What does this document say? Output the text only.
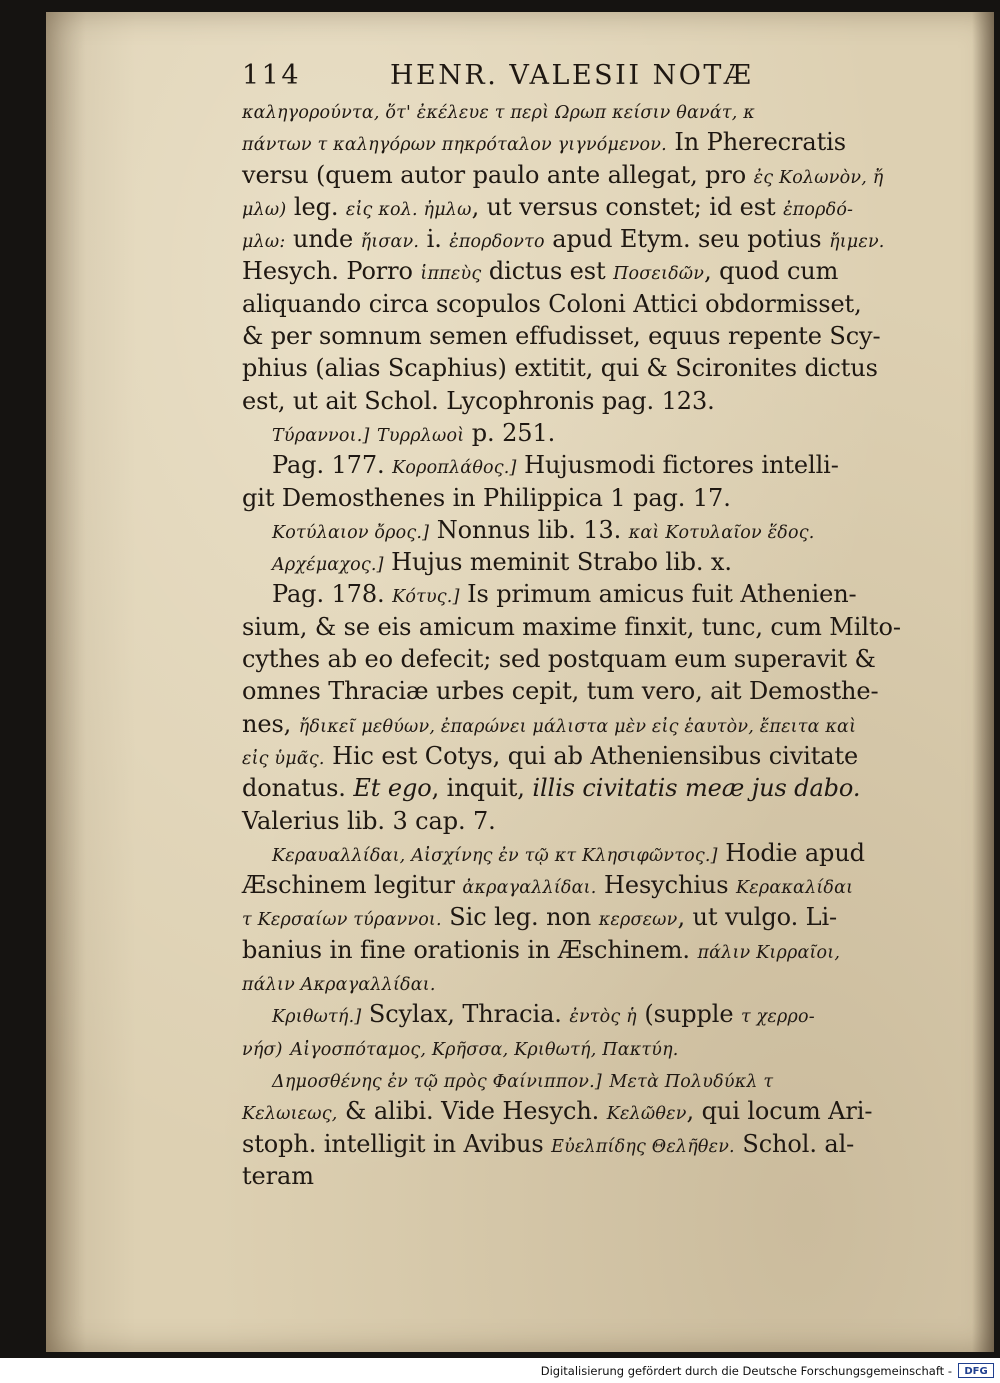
114	HENR. VALESII NOTÆ
καληγορούντα, ὅτ' ἐκέλευε τ περὶ Ωρωπ κείσιν θανάτ, κ
πάντων τ καληγόρων πηκρόταλον γιγνόμενον. In Pherecratis
versu (quem autor paulo ante allegat, pro ἐς Κολωνὸν, ἤ
μλω) leg. εἰς κολ. ἠμλω, ut versus constet; id est ἐπορδό-
μλω: unde ἤισαν. i. ἐπορδοντο apud Etym. seu potius ἤιμεν.
Hesych. Porro ἱππεὺς dictus est Ποσειδῶν, quod cum
aliquando circa scopulos Coloni Attici obdormisset,
& per somnum semen effudisset, equus repente Scy-
phius (alias Scaphius) extitit, qui & Scironites dictus
est, ut ait Schol. Lycophronis pag. 123.
Τύραννοι.] Τυρρλωοὶ p. 251.
Pag. 177. Κοροπλάθος.] Hujusmodi fictores intelli-
git Demosthenes in Philippica 1 pag. 17.
Κοτύλαιον ὄρος.] Nonnus lib. 13. καὶ Κοτυλαῖον ἕδος.
Αρχέμαχος.] Hujus meminit Strabo lib. x.
Pag. 178. Κότυς.] Is primum amicus fuit Athenien-
sium, & se eis amicum maxime finxit, tunc, cum Milto-
cythes ab eo defecit; sed postquam eum superavit &
omnes Thraciæ urbes cepit, tum vero, ait Demosthe-
nes, ἤδικεῖ μεθύων, ἐπαρώνει μάλιστα μὲν εἰς ἑαυτὸν, ἔπειτα καὶ
εἰς ὑμᾶς. Hic est Cotys, qui ab Atheniensibus civitate
donatus. Et ego, inquit, illis civitatis meæ jus dabo.
Valerius lib. 3 cap. 7.
Κεραυαλλίδαι, Αἰσχίνης ἐν τῷ κτ Κλησιφῶντος.] Hodie apud
Æschinem legitur ἀκραγαλλίδαι. Hesychius Κερακαλίδαι
τ Κερσαίων τύραννοι. Sic leg. non κερσεων, ut vulgo. Li-
banius in fine orationis in Æschinem. πάλιν Κιρραῖοι,
πάλιν Ακραγαλλίδαι.
Κριθωτή.] Scylax, Thracia. ἐντὸς ἡ (supple τ χερρο-
νήσ) Αἰγοσπόταμος, Κρῆσσα, Κριθωτή, Πακτύη.
Δημοσθένης ἐν τῷ πρὸς Φαίνιππον.] Μετὰ Πολυδύκλ τ
Κελωιεως, & alibi. Vide Hesych. Κελῶθεν, qui locum Ari-
stoph. intelligit in Avibus Εὐελπίδης Θελῆθεν. Schol. al-
teram
Digitalisierung gefördert durch die Deutsche Forschungsgemeinschaft -	DFG
